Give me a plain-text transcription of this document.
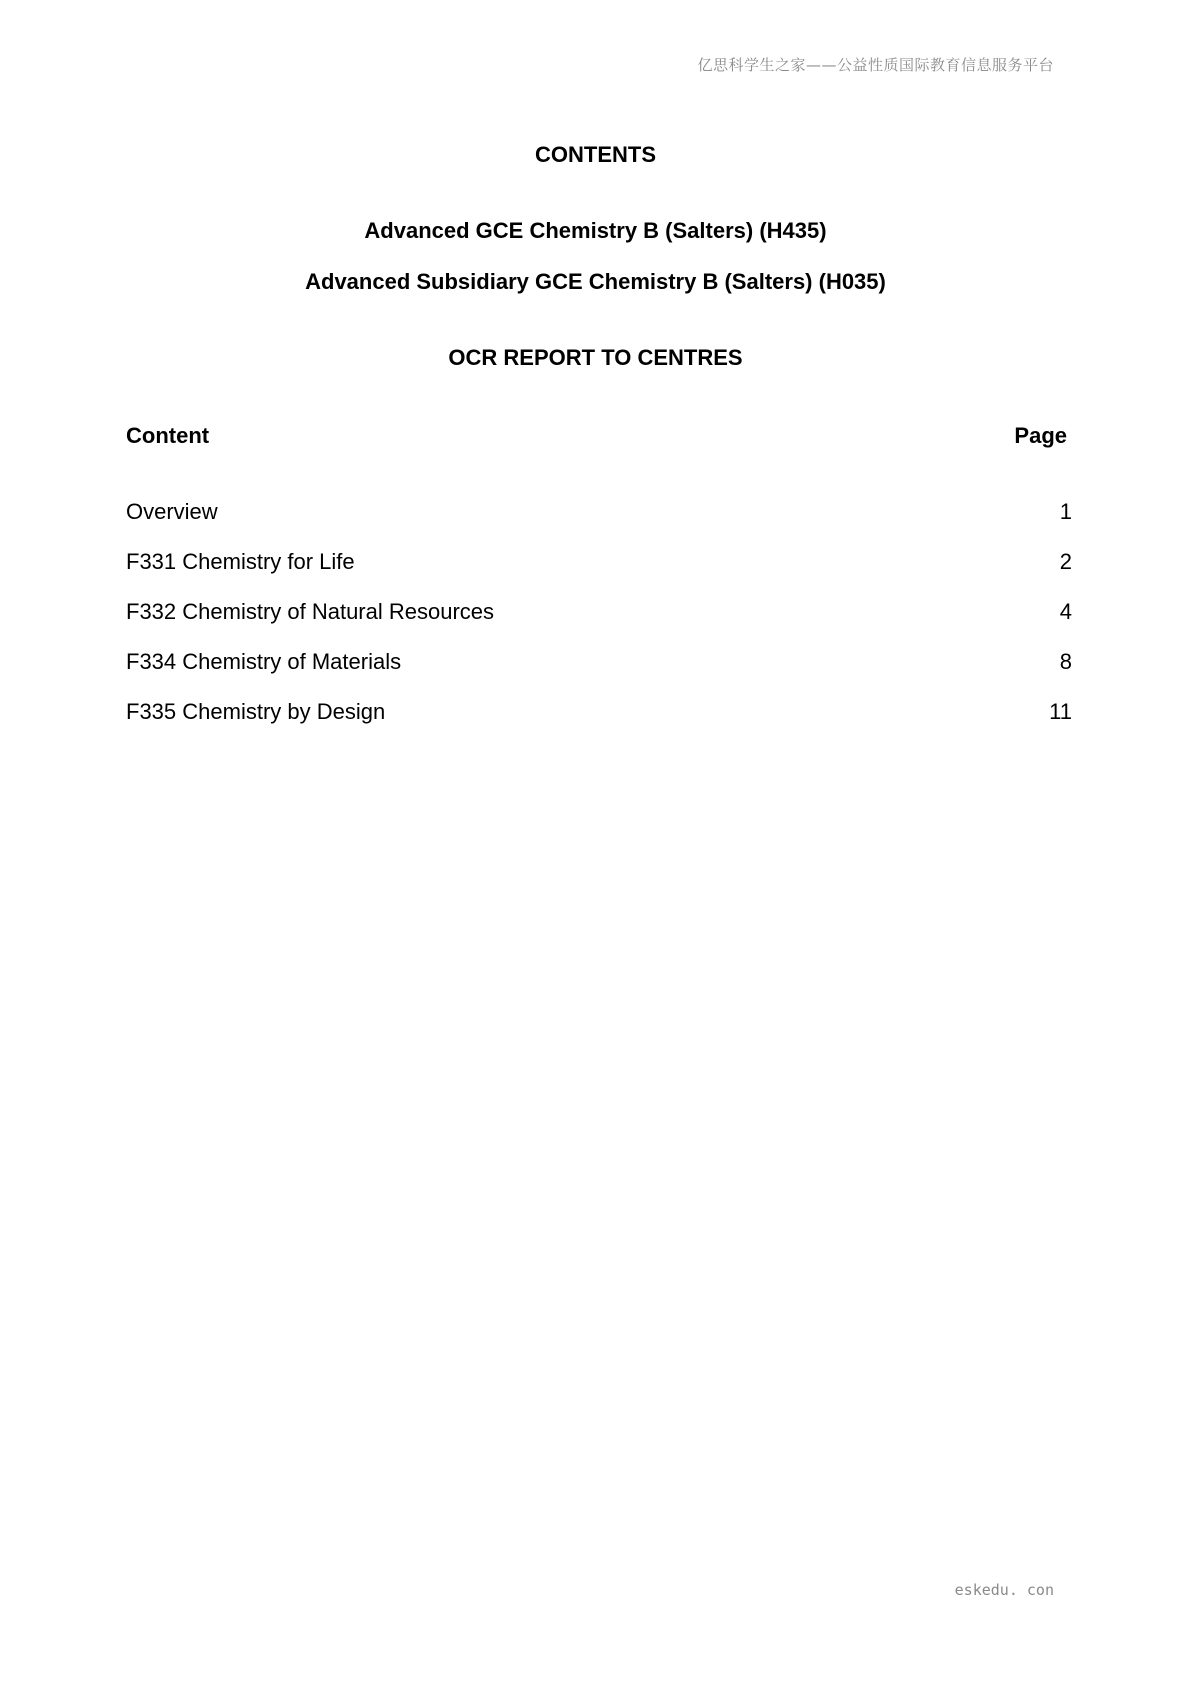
亿思科学生之家——公益性质国际教育信息服务平台
CONTENTS
Advanced GCE Chemistry B (Salters) (H435)
Advanced Subsidiary GCE Chemistry B (Salters) (H035)
OCR REPORT TO CENTRES
Content	Page
Overview	1
F331 Chemistry for Life	2
F332 Chemistry of Natural Resources	4
F334 Chemistry of Materials	8
F335 Chemistry by Design	11
eskedu. con
